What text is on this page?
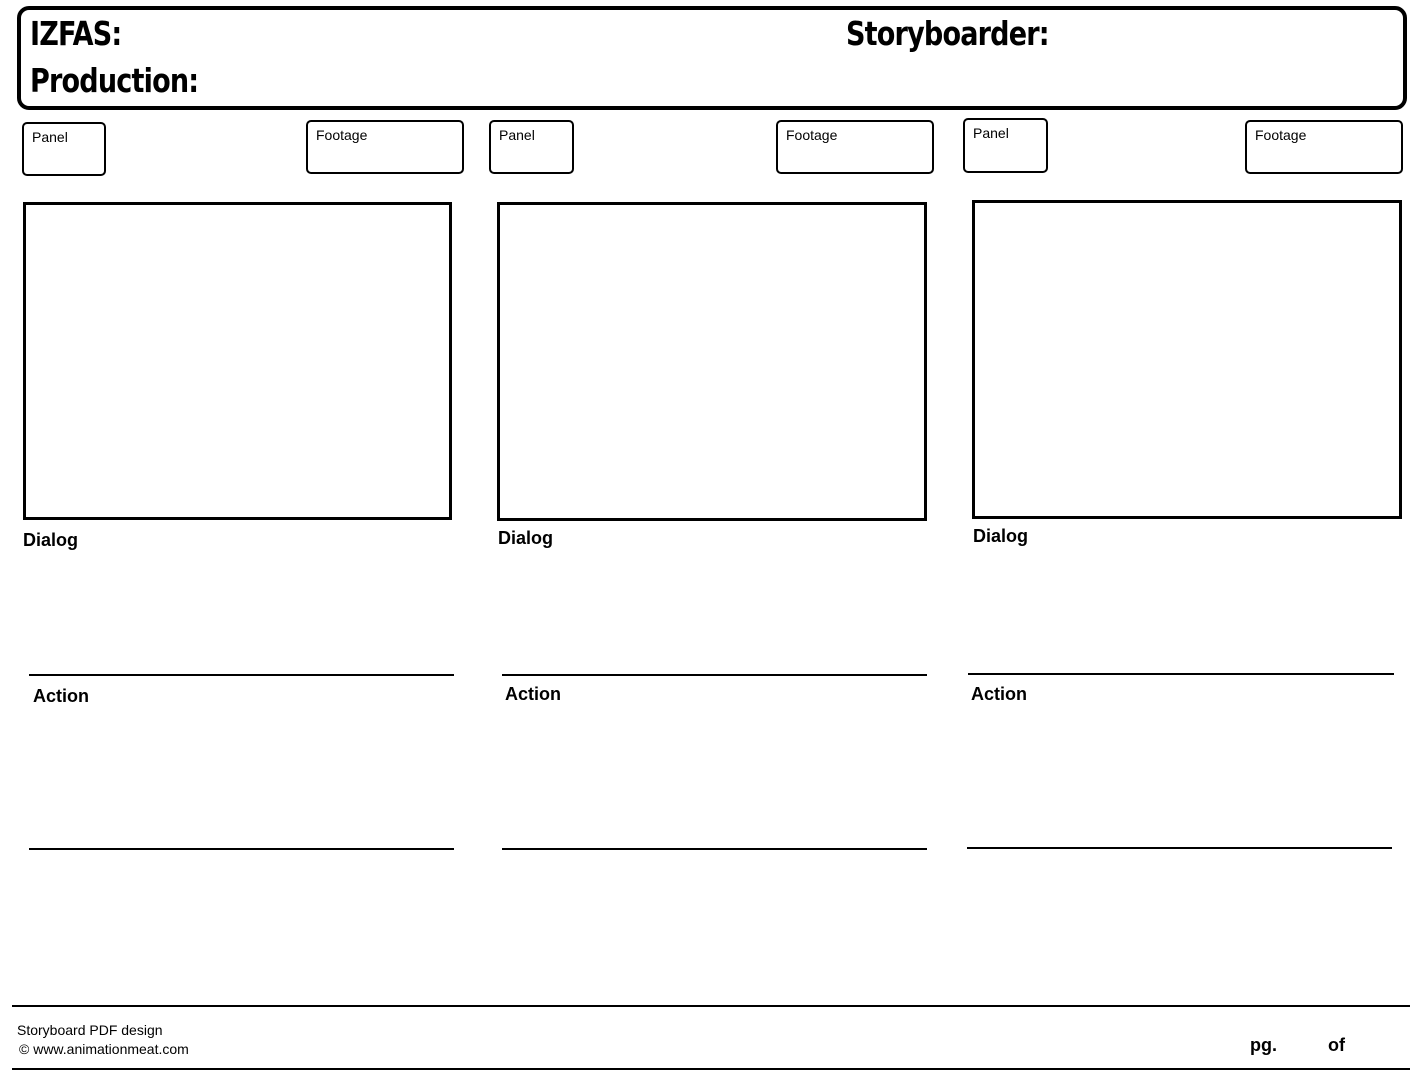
IZFAS:
Production:
Storyboarder:
Panel	Footage
Dialog
Action
Panel	Footage
Dialog
Action
Panel	Footage
Dialog
Action
Storyboard PDF design
© www.animationmeat.com	pg.	of
